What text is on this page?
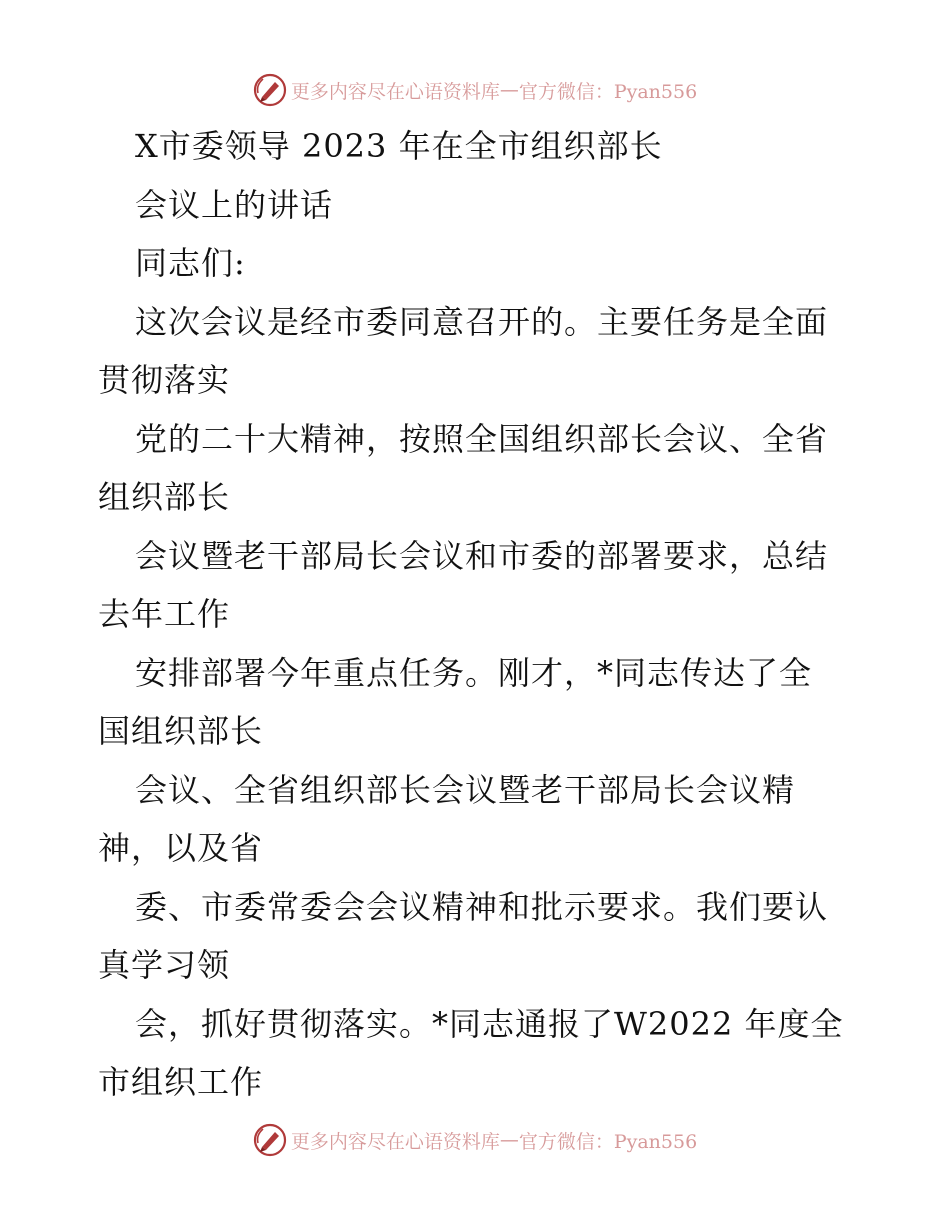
更多内容尽在心语资料库 — 官方微信：Pyan556
X市委领导 2023 年在全市组织部长
会议上的讲话
同志们:
这次会议是经市委同意召开的。主要任务是全面
贯彻落实
党的二十大精神，按照全国组织部长会议、全省
组织部长
会议暨老干部局长会议和市委的部署要求，总结
去年工作
安排部署今年重点任务。刚才，*同志传达了全
国组织部长
会议、全省组织部长会议暨老干部局长会议精
神，以及省
委、市委常委会会议精神和批示要求。我们要认
真学习领
会，抓好贯彻落实。*同志通报了W2022 年度全
市组织工作
更多内容尽在心语资料库 — 官方微信：Pyan556
